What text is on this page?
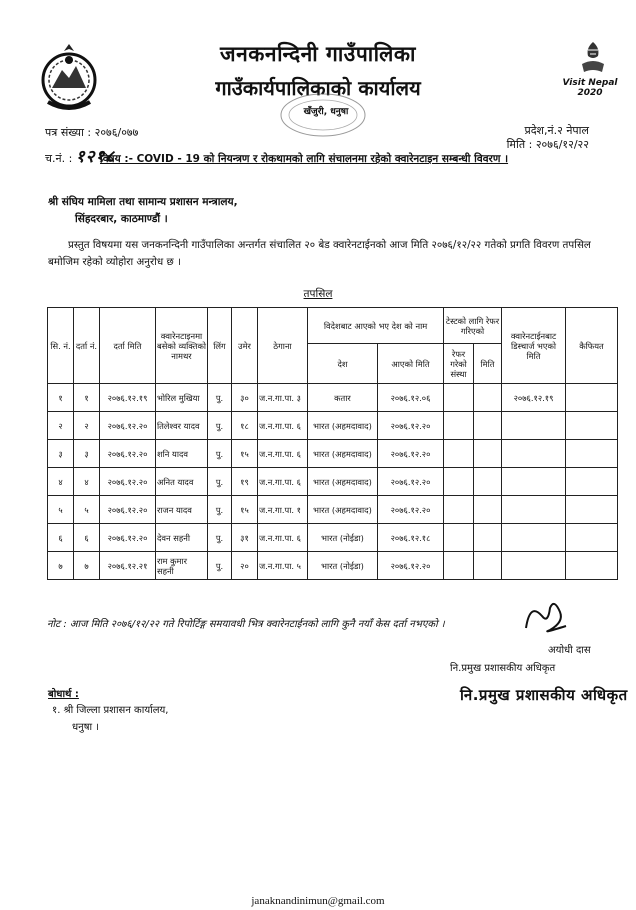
जनकनन्दिनी गाउँपालिका
गाउँकार्यपालिकाको कार्यालय
खँजुरी, धनुषा
Visit Nepal 2020
पत्र संख्या : २०७६/०७७
च.नं. : १२१८
प्रदेश,नं.२ नेपाल
मिति : २०७६/१२/२२
विषय :- COVID - 19 को नियन्त्रण र रोकथामको लागि संचालनमा रहेको क्वारेनटाइन सम्बन्धी विवरण ।
श्री संघिय मामिला तथा सामान्य प्रशासन मन्त्रालय,
सिंहदरबार, काठमाण्डौं ।
प्रस्तुत विषयमा यस जनकनन्दिनी गाउँपालिका अन्तर्गत संचालित २० बेड क्वारेनटाईनको आज मिति २०७६/१२/२२ गतेको प्रगति विवरण तपसिल बमोजिम रहेको व्योहोरा अनुरोध छ ।
तपसिल
सि. नं.	दर्ता नं.	दर्ता मिति	क्वारेनटाइनमा बसेको व्यक्तिको नामथर	लिंग	उमेर	ठेगाना	विदेशबाट आएको भए देश को नाम		टेस्टको लागि रेफर गरिएको		क्वारेनटाईनबाट डिस्चार्ज भएको मिति	कैफियत
							देश	आएको मिति	रेफर गरेको संस्था	मिति		
१	१	२०७६.१२.१९	भोरिल मुखिया	पु.	३०	ज.न.गा.पा. ३	कतार	२०७६.१२.०६			२०७६.१२.१९	
२	२	२०७६.१२.२०	तिलेश्वर यादव	पु.	१८	ज.न.गा.पा. ६	भारत (अहमदावाद)	२०७६.१२.२०				
३	३	२०७६.१२.२०	शनि यादव	पु.	१५	ज.न.गा.पा. ६	भारत (अहमदावाद)	२०७६.१२.२०				
४	४	२०७६.१२.२०	अनित यादव	पु.	१९	ज.न.गा.पा. ६	भारत (अहमदावाद)	२०७६.१२.२०				
५	५	२०७६.१२.२०	राजन यादव	पु.	१५	ज.न.गा.पा. १	भारत (अहमदावाद)	२०७६.१२.२०				
६	६	२०७६.१२.२०	देवन सहनी	पु.	३१	ज.न.गा.पा. ६	भारत (नोईडा)	२०७६.१२.१८				
७	७	२०७६.१२.२१	राम कुमार सहनी	पु.	२०	ज.न.गा.पा. ५	भारत (नोईडा)	२०७६.१२.२०				
नोट : आज मिति २०७६/१२/२२ गते रिपोर्टिङ्ग समयावधी भित्र क्वारेनटाईनको लागि कुनै नयाँ केस दर्ता नभएको ।
अयोधी दास
नि.प्रमुख प्रशासकीय अधिकृत
नि.प्रमुख प्रशासकीय अधिकृत
बोधार्थ :
१. श्री जिल्ला प्रशासन कार्यालय,
धनुषा ।
janaknandinimun@gmail.com
